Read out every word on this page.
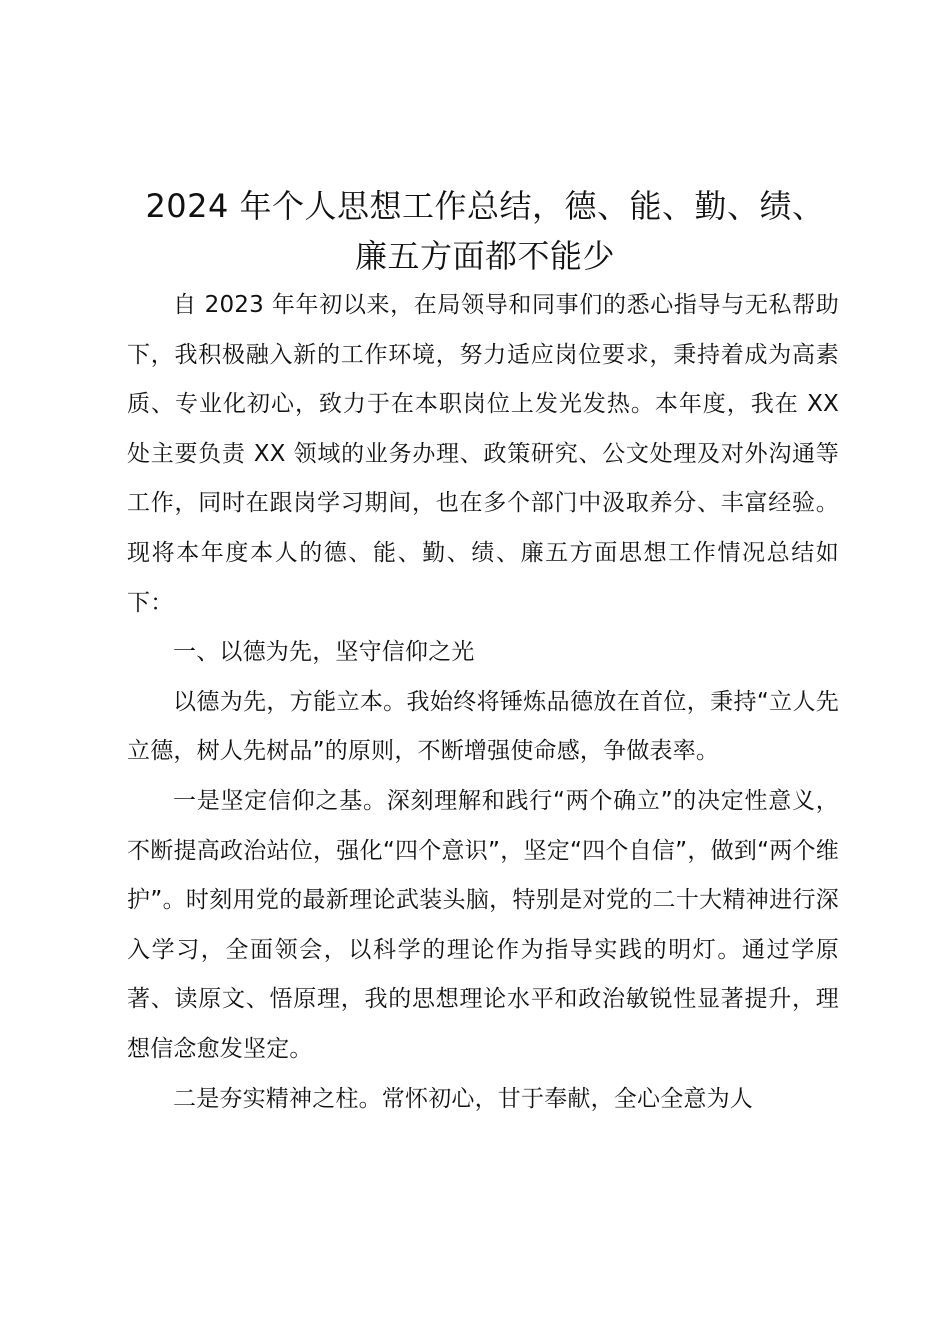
2024 年个人思想工作总结，德、能、勤、绩、
廉五方面都不能少

自 2023 年年初以来，在局领导和同事们的悉心指导与无私帮助下，我积极融入新的工作环境，努力适应岗位要求，秉持着成为高素质、专业化初心，致力于在本职岗位上发光发热。本年度，我在 XX 处主要负责 XX 领域的业务办理、政策研究、公文处理及对外沟通等工作，同时在跟岗学习期间，也在多个部门中汲取养分、丰富经验。现将本年度本人的德、能、勤、绩、廉五方面思想工作情况总结如下：

一、以德为先，坚守信仰之光

以德为先，方能立本。我始终将锤炼品德放在首位，秉持“立人先立德，树人先树品”的原则，不断增强使命感，争做表率。

一是坚定信仰之基。深刻理解和践行“两个确立”的决定性意义，不断提高政治站位，强化“四个意识”，坚定“四个自信”，做到“两个维护”。时刻用党的最新理论武装头脑，特别是对党的二十大精神进行深入学习，全面领会，以科学的理论作为指导实践的明灯。通过学原著、读原文、悟原理，我的思想理论水平和政治敏锐性显著提升，理想信念愈发坚定。

二是夯实精神之柱。常怀初心，甘于奉献，全心全意为人
